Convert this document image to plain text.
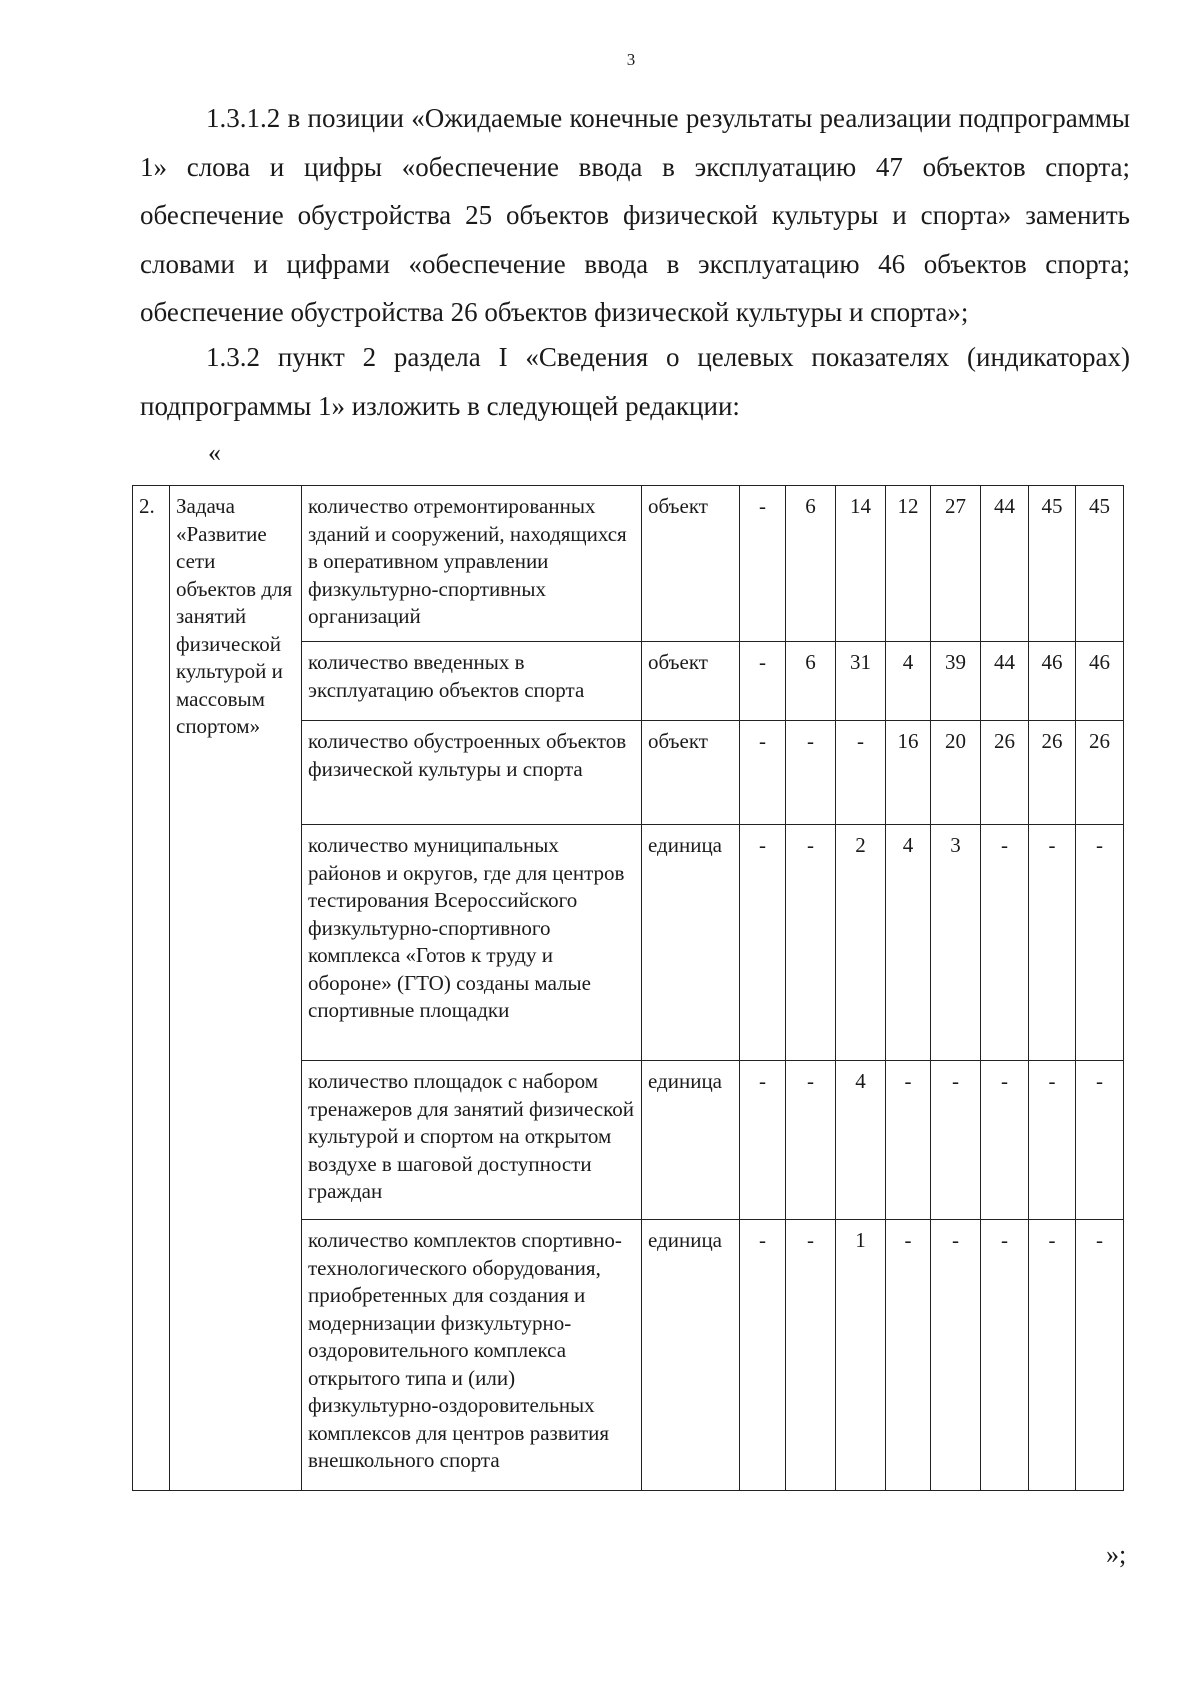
3

1.3.1.2 в позиции «Ожидаемые конечные результаты реализации подпрограммы 1» слова и цифры «обеспечение ввода в эксплуатацию 47 объектов спорта; обеспечение обустройства 25 объектов физической культуры и спорта» заменить словами и цифрами «обеспечение ввода в эксплуатацию 46 объектов спорта; обеспечение обустройства 26 объектов физической культуры и спорта»;

1.3.2 пункт 2 раздела I «Сведения о целевых показателях (индикаторах) подпрограммы 1» изложить в следующей редакции:

«
2.	Задача «Развитие сети объектов для занятий физической культурой и массовым спортом»	количество отремонтированных зданий и сооружений, находящихся в оперативном управлении физкультурно-спортивных организаций	объект	-	6	14	12	27	44	45	45
		количество введенных в эксплуатацию объектов спорта	объект	-	6	31	4	39	44	46	46
		количество обустроенных объектов физической культуры и спорта	объект	-	-	-	16	20	26	26	26
		количество муниципальных районов и округов, где для центров тестирования Всероссийского физкультурно-спортивного комплекса «Готов к труду и обороне» (ГТО) созданы малые спортивные площадки	единица	-	-	2	4	3	-	-	-
		количество площадок с набором тренажеров для занятий физической культурой и спортом на открытом воздухе в шаговой доступности граждан	единица	-	-	4	-	-	-	-	-
		количество комплектов спортивно-технологического оборудования, приобретенных для создания и модернизации физкультурно-оздоровительного комплекса открытого типа и (или) физкультурно-оздоровительных комплексов для центров развития внешкольного спорта	единица	-	-	1	-	-	-	-	-
»;
